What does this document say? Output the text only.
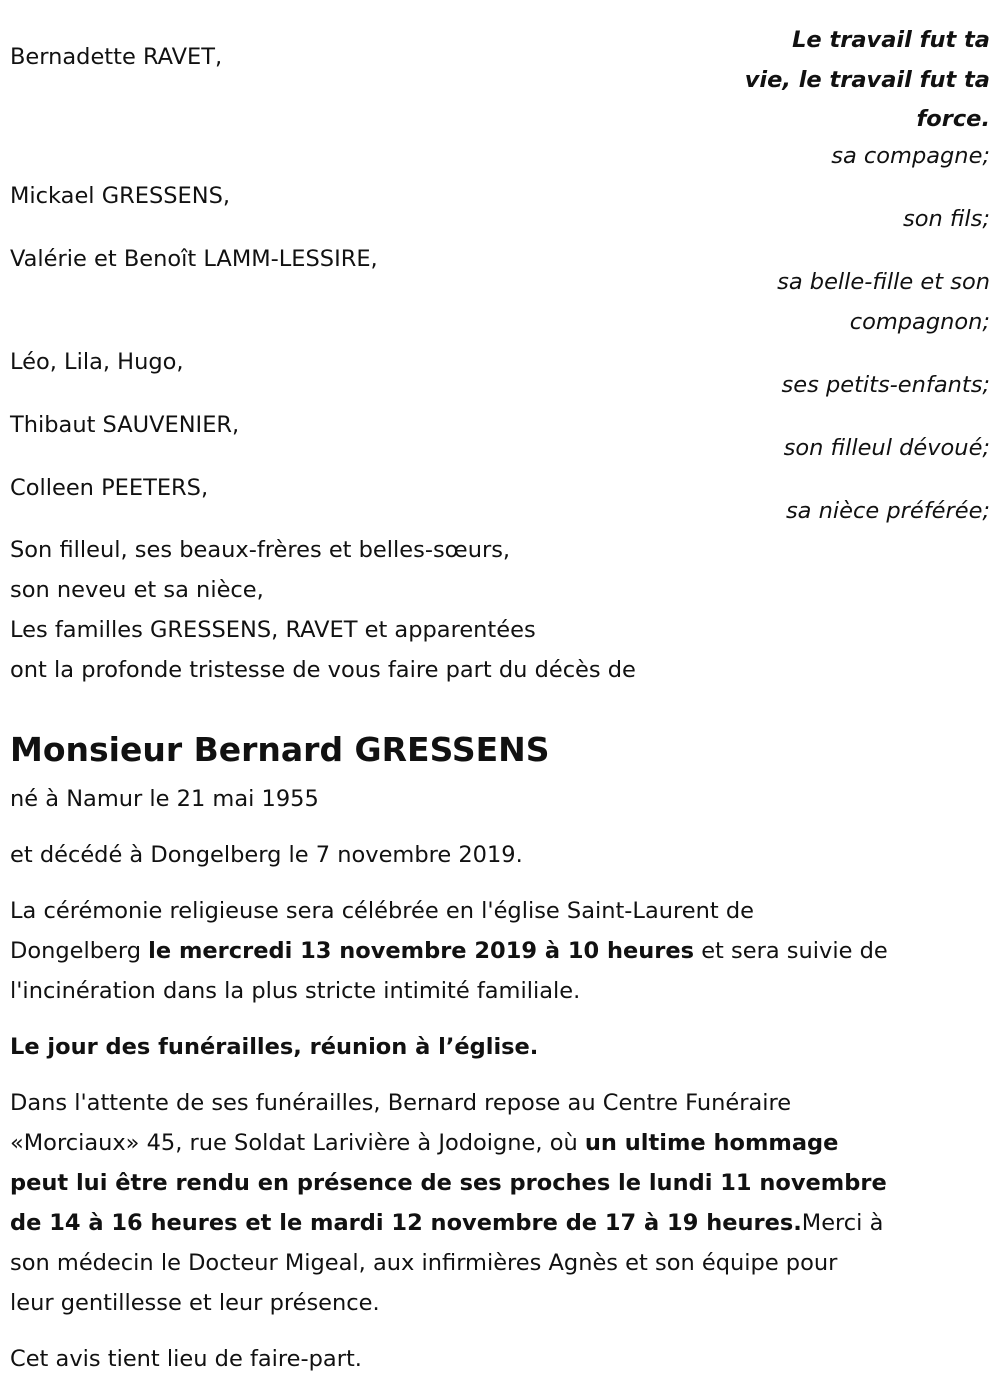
Le travail fut ta
vie, le travail fut ta
force.
Bernadette RAVET,
sa compagne;
Mickael GRESSENS,
son fils;
Valérie et Benoît LAMM-LESSIRE,
sa belle-fille et son
compagnon;
Léo, Lila, Hugo,
ses petits-enfants;
Thibaut SAUVENIER,
son filleul dévoué;
Colleen PEETERS,
sa nièce préférée;
Son filleul, ses beaux-frères et belles-sœurs,
son neveu et sa nièce,
Les familles GRESSENS, RAVET et apparentées
ont la profonde tristesse de vous faire part du décès de
Monsieur Bernard GRESSENS
né à Namur le 21 mai 1955
et décédé à Dongelberg le 7 novembre 2019.
La cérémonie religieuse sera célébrée en l'église Saint-Laurent de
Dongelberg le mercredi 13 novembre 2019 à 10 heures et sera suivie de
l'incinération dans la plus stricte intimité familiale.
Le jour des funérailles, réunion à l’église.
Dans l'attente de ses funérailles, Bernard repose au Centre Funéraire
«Morciaux» 45, rue Soldat Larivière à Jodoigne, où un ultime hommage
peut lui être rendu en présence de ses proches le lundi 11 novembre
de 14 à 16 heures et le mardi 12 novembre de 17 à 19 heures.Merci à
son médecin le Docteur Migeal, aux infirmières Agnès et son équipe pour
leur gentillesse et leur présence.
Cet avis tient lieu de faire-part.
